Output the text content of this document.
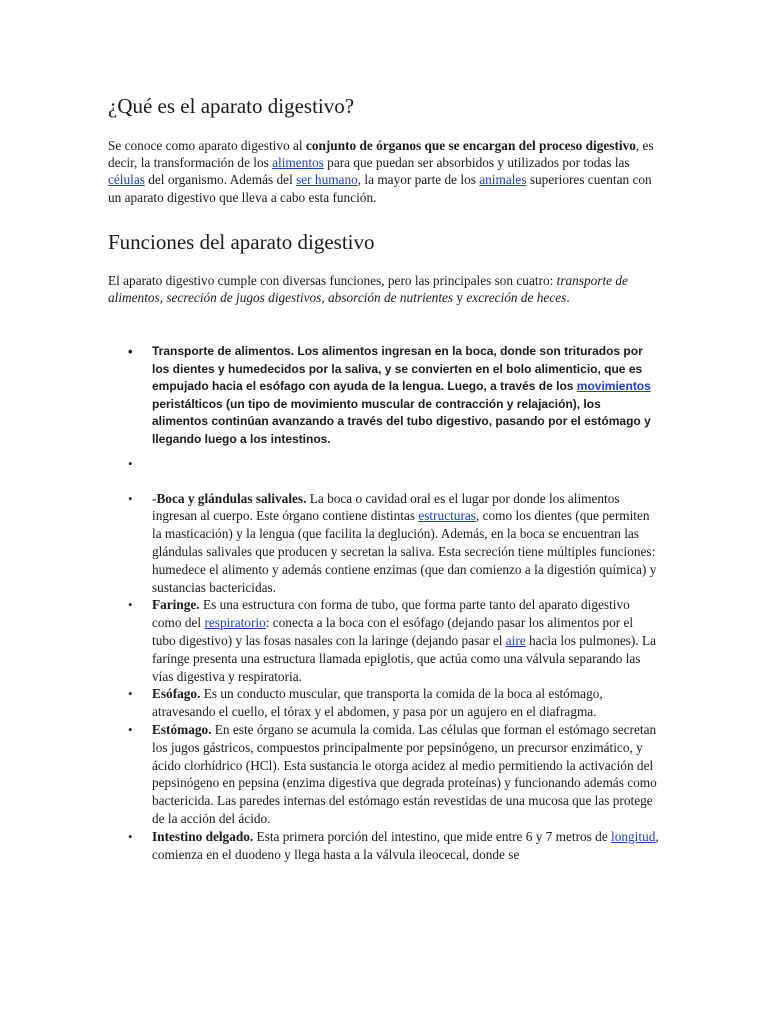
¿Qué es el aparato digestivo?

Se conoce como aparato digestivo al conjunto de órganos que se encargan del proceso digestivo, es decir, la transformación de los alimentos para que puedan ser absorbidos y utilizados por todas las células del organismo. Además del ser humano, la mayor parte de los animales superiores cuentan con un aparato digestivo que lleva a cabo esta función.

Funciones del aparato digestivo

El aparato digestivo cumple con diversas funciones, pero las principales son cuatro: transporte de alimentos, secreción de jugos digestivos, absorción de nutrientes y excreción de heces.

• Transporte de alimentos. Los alimentos ingresan en la boca, donde son triturados por los dientes y humedecidos por la saliva, y se convierten en el bolo alimenticio, que es empujado hacia el esófago con ayuda de la lengua. Luego, a través de los movimientos peristálticos (un tipo de movimiento muscular de contracción y relajación), los alimentos continúan avanzando a través del tubo digestivo, pasando por el estómago y llegando luego a los intestinos.
•
• -Boca y glándulas salivales. La boca o cavidad oral es el lugar por donde los alimentos ingresan al cuerpo. Este órgano contiene distintas estructuras, como los dientes (que permiten la masticación) y la lengua (que facilita la deglución). Además, en la boca se encuentran las glándulas salivales que producen y secretan la saliva. Esta secreción tiene múltiples funciones: humedece el alimento y además contiene enzimas (que dan comienzo a la digestión química) y sustancias bactericidas.
• Faringe. Es una estructura con forma de tubo, que forma parte tanto del aparato digestivo como del respiratorio: conecta a la boca con el esófago (dejando pasar los alimentos por el tubo digestivo) y las fosas nasales con la laringe (dejando pasar el aire hacia los pulmones). La faringe presenta una estructura llamada epiglotis, que actúa como una válvula separando las vías digestiva y respiratoria.
• Esófago. Es un conducto muscular, que transporta la comida de la boca al estómago, atravesando el cuello, el tórax y el abdomen, y pasa por un agujero en el diafragma.
• Estómago. En este órgano se acumula la comida. Las células que forman el estómago secretan los jugos gástricos, compuestos principalmente por pepsinógeno, un precursor enzimático, y ácido clorhídrico (HCl). Esta sustancia le otorga acidez al medio permitiendo la activación del pepsinógeno en pepsina (enzima digestiva que degrada proteínas) y funcionando además como bactericida. Las paredes internas del estómago están revestidas de una mucosa que las protege de la acción del ácido.
• Intestino delgado. Esta primera porción del intestino, que mide entre 6 y 7 metros de longitud, comienza en el duodeno y llega hasta a la válvula ileocecal, donde se
